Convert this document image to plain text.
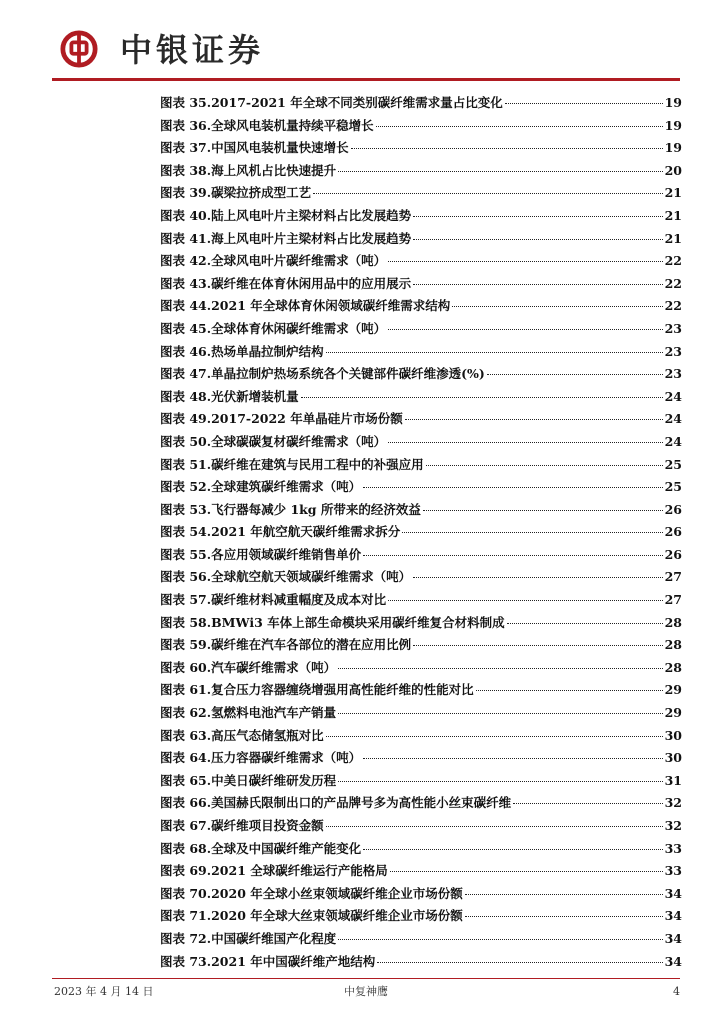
中银证券
图表 35.2017-2021 年全球不同类别碳纤维需求量占比变化	19
图表 36.全球风电装机量持续平稳增长	19
图表 37.中国风电装机量快速增长	19
图表 38.海上风机占比快速提升	20
图表 39.碳梁拉挤成型工艺	21
图表 40.陆上风电叶片主梁材料占比发展趋势	21
图表 41.海上风电叶片主梁材料占比发展趋势	21
图表 42.全球风电叶片碳纤维需求（吨）	22
图表 43.碳纤维在体育休闲用品中的应用展示	22
图表 44.2021 年全球体育休闲领域碳纤维需求结构	22
图表 45.全球体育休闲碳纤维需求（吨）	23
图表 46.热场单晶拉制炉结构	23
图表 47.单晶拉制炉热场系统各个关键部件碳纤维渗透(%)	23
图表 48.光伏新增装机量	24
图表 49.2017-2022 年单晶硅片市场份额	24
图表 50.全球碳碳复材碳纤维需求（吨）	24
图表 51.碳纤维在建筑与民用工程中的补强应用	25
图表 52.全球建筑碳纤维需求（吨）	25
图表 53.飞行器每减少 1kg 所带来的经济效益	26
图表 54.2021 年航空航天碳纤维需求拆分	26
图表 55.各应用领域碳纤维销售单价	26
图表 56.全球航空航天领域碳纤维需求（吨）	27
图表 57.碳纤维材料减重幅度及成本对比	27
图表 58.BMWi3 车体上部生命模块采用碳纤维复合材料制成	28
图表 59.碳纤维在汽车各部位的潜在应用比例	28
图表 60.汽车碳纤维需求（吨）	28
图表 61.复合压力容器缠绕增强用高性能纤维的性能对比	29
图表 62.氢燃料电池汽车产销量	29
图表 63.高压气态储氢瓶对比	30
图表 64.压力容器碳纤维需求（吨）	30
图表 65.中美日碳纤维研发历程	31
图表 66.美国赫氏限制出口的产品牌号多为高性能小丝束碳纤维	32
图表 67.碳纤维项目投资金额	32
图表 68.全球及中国碳纤维产能变化	33
图表 69.2021 全球碳纤维运行产能格局	33
图表 70.2020 年全球小丝束领域碳纤维企业市场份额	34
图表 71.2020 年全球大丝束领域碳纤维企业市场份额	34
图表 72.中国碳纤维国产化程度	34
图表 73.2021 年中国碳纤维产地结构	34
2023 年 4 月 14 日	中复神鹰	4
